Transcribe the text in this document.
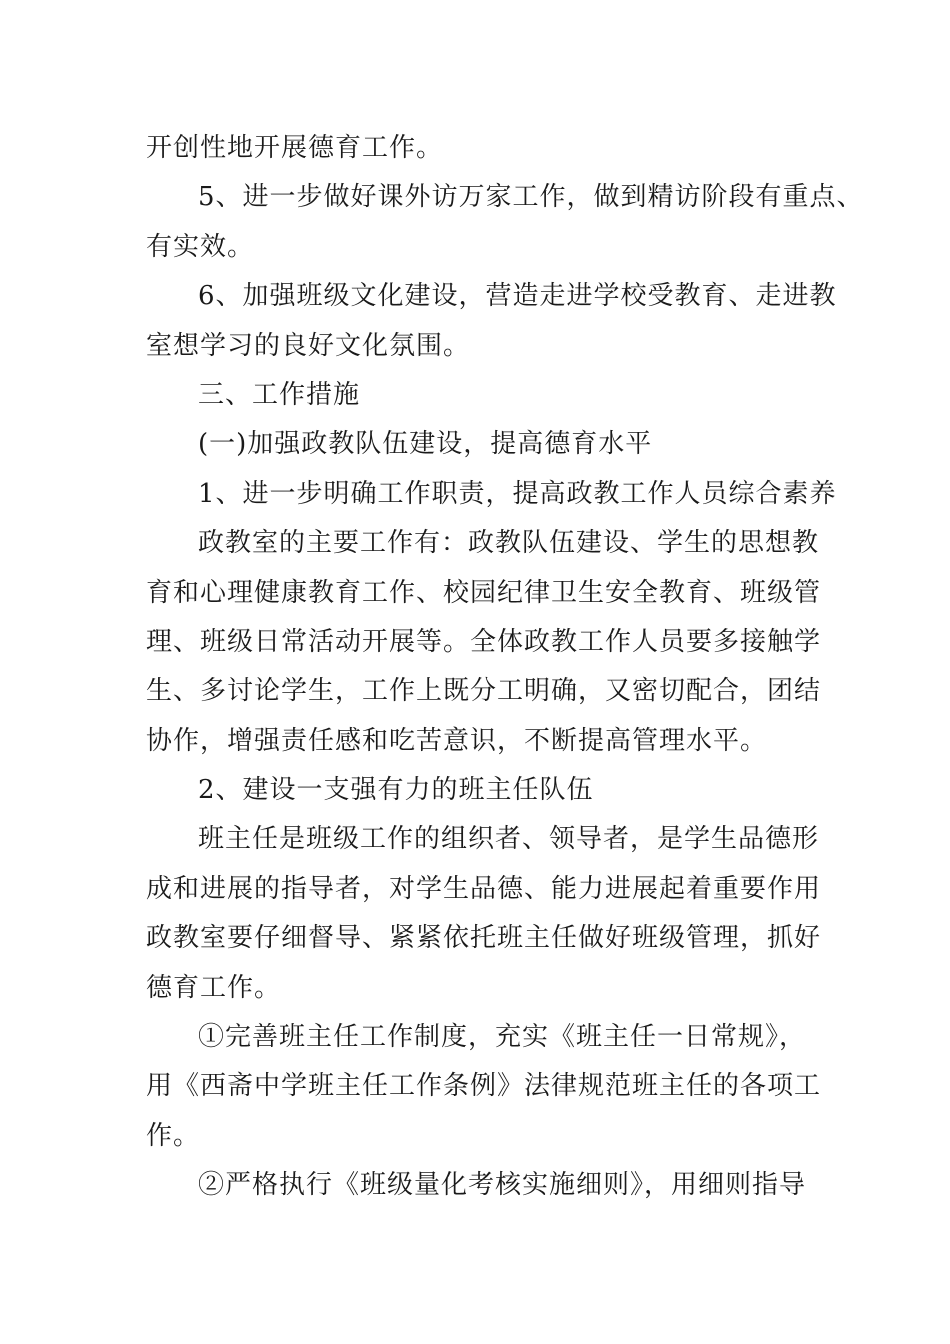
开创性地开展德育工作。
5、进一步做好课外访万家工作，做到精访阶段有重点、
有实效。
6、加强班级文化建设，营造走进学校受教育、走进教
室想学习的良好文化氛围。
三、工作措施
(一)加强政教队伍建设，提高德育水平
1、进一步明确工作职责，提高政教工作人员综合素养
政教室的主要工作有：政教队伍建设、学生的思想教
育和心理健康教育工作、校园纪律卫生安全教育、班级管
理、班级日常活动开展等。全体政教工作人员要多接触学
生、多讨论学生，工作上既分工明确，又密切配合，团结
协作，增强责任感和吃苦意识，不断提高管理水平。
2、建设一支强有力的班主任队伍
班主任是班级工作的组织者、领导者，是学生品德形
成和进展的指导者，对学生品德、能力进展起着重要作用
政教室要仔细督导、紧紧依托班主任做好班级管理，抓好
德育工作。
①完善班主任工作制度，充实《班主任一日常规》，
用《西斋中学班主任工作条例》法律规范班主任的各项工
作。
②严格执行《班级量化考核实施细则》，用细则指导
